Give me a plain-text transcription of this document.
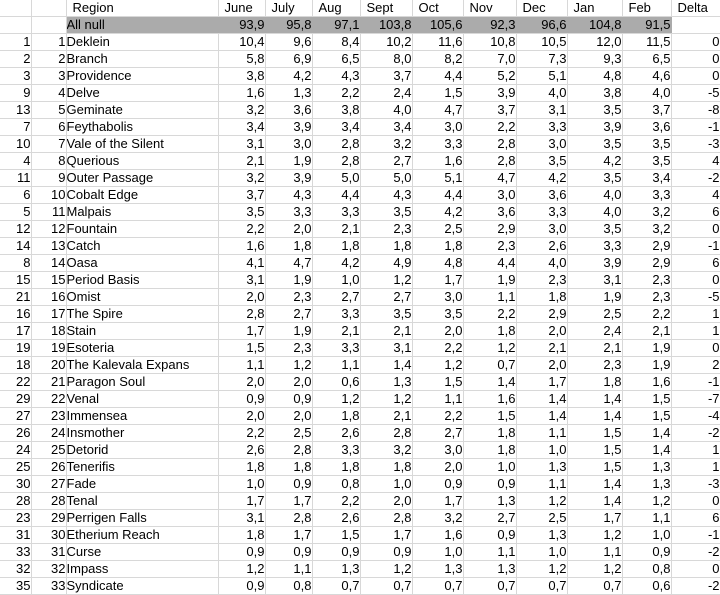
		Region	June	July	Aug	Sept	Oct	Nov	Dec	Jan	Feb	Delta
		All null	93,9	95,8	97,1	103,8	105,6	92,3	96,6	104,8	91,5	
1	1	Deklein	10,4	9,6	8,4	10,2	11,6	10,8	10,5	12,0	11,5	0
2	2	Branch	5,8	6,9	6,5	8,0	8,2	7,0	7,3	9,3	6,5	0
3	3	Providence	3,8	4,2	4,3	3,7	4,4	5,2	5,1	4,8	4,6	0
9	4	Delve	1,6	1,3	2,2	2,4	1,5	3,9	4,0	3,8	4,0	-5
13	5	Geminate	3,2	3,6	3,8	4,0	4,7	3,7	3,1	3,5	3,7	-8
7	6	Feythabolis	3,4	3,9	3,4	3,4	3,0	2,2	3,3	3,9	3,6	-1
10	7	Vale of the Silent	3,1	3,0	2,8	3,2	3,3	2,8	3,0	3,5	3,5	-3
4	8	Querious	2,1	1,9	2,8	2,7	1,6	2,8	3,5	4,2	3,5	4
11	9	Outer Passage	3,2	3,9	5,0	5,0	5,1	4,7	4,2	3,5	3,4	-2
6	10	Cobalt Edge	3,7	4,3	4,4	4,3	4,4	3,0	3,6	4,0	3,3	4
5	11	Malpais	3,5	3,3	3,3	3,5	4,2	3,6	3,3	4,0	3,2	6
12	12	Fountain	2,2	2,0	2,1	2,3	2,5	2,9	3,0	3,5	3,2	0
14	13	Catch	1,6	1,8	1,8	1,8	1,8	2,3	2,6	3,3	2,9	-1
8	14	Oasa	4,1	4,7	4,2	4,9	4,8	4,4	4,0	3,9	2,9	6
15	15	Period Basis	3,1	1,9	1,0	1,2	1,7	1,9	2,3	3,1	2,3	0
21	16	Omist	2,0	2,3	2,7	2,7	3,0	1,1	1,8	1,9	2,3	-5
16	17	The Spire	2,8	2,7	3,3	3,5	3,5	2,2	2,9	2,5	2,2	1
17	18	Stain	1,7	1,9	2,1	2,1	2,0	1,8	2,0	2,4	2,1	1
19	19	Esoteria	1,5	2,3	3,3	3,1	2,2	1,2	2,1	2,1	1,9	0
18	20	The Kalevala Expans	1,1	1,2	1,1	1,4	1,2	0,7	2,0	2,3	1,9	2
22	21	Paragon Soul	2,0	2,0	0,6	1,3	1,5	1,4	1,7	1,8	1,6	-1
29	22	Venal	0,9	0,9	1,2	1,2	1,1	1,6	1,4	1,4	1,5	-7
27	23	Immensea	2,0	2,0	1,8	2,1	2,2	1,5	1,4	1,4	1,5	-4
26	24	Insmother	2,2	2,5	2,6	2,8	2,7	1,8	1,1	1,5	1,4	-2
24	25	Detorid	2,6	2,8	3,3	3,2	3,0	1,8	1,0	1,5	1,4	1
25	26	Tenerifis	1,8	1,8	1,8	1,8	2,0	1,0	1,3	1,5	1,3	1
30	27	Fade	1,0	0,9	0,8	1,0	0,9	0,9	1,1	1,4	1,3	-3
28	28	Tenal	1,7	1,7	2,2	2,0	1,7	1,3	1,2	1,4	1,2	0
23	29	Perrigen Falls	3,1	2,8	2,6	2,8	3,2	2,7	2,5	1,7	1,1	6
31	30	Etherium Reach	1,8	1,7	1,5	1,7	1,6	0,9	1,3	1,2	1,0	-1
33	31	Curse	0,9	0,9	0,9	0,9	1,0	1,1	1,0	1,1	0,9	-2
32	32	Impass	1,2	1,1	1,3	1,2	1,3	1,3	1,2	1,2	0,8	0
35	33	Syndicate	0,9	0,8	0,7	0,7	0,7	0,7	0,7	0,7	0,6	-2
